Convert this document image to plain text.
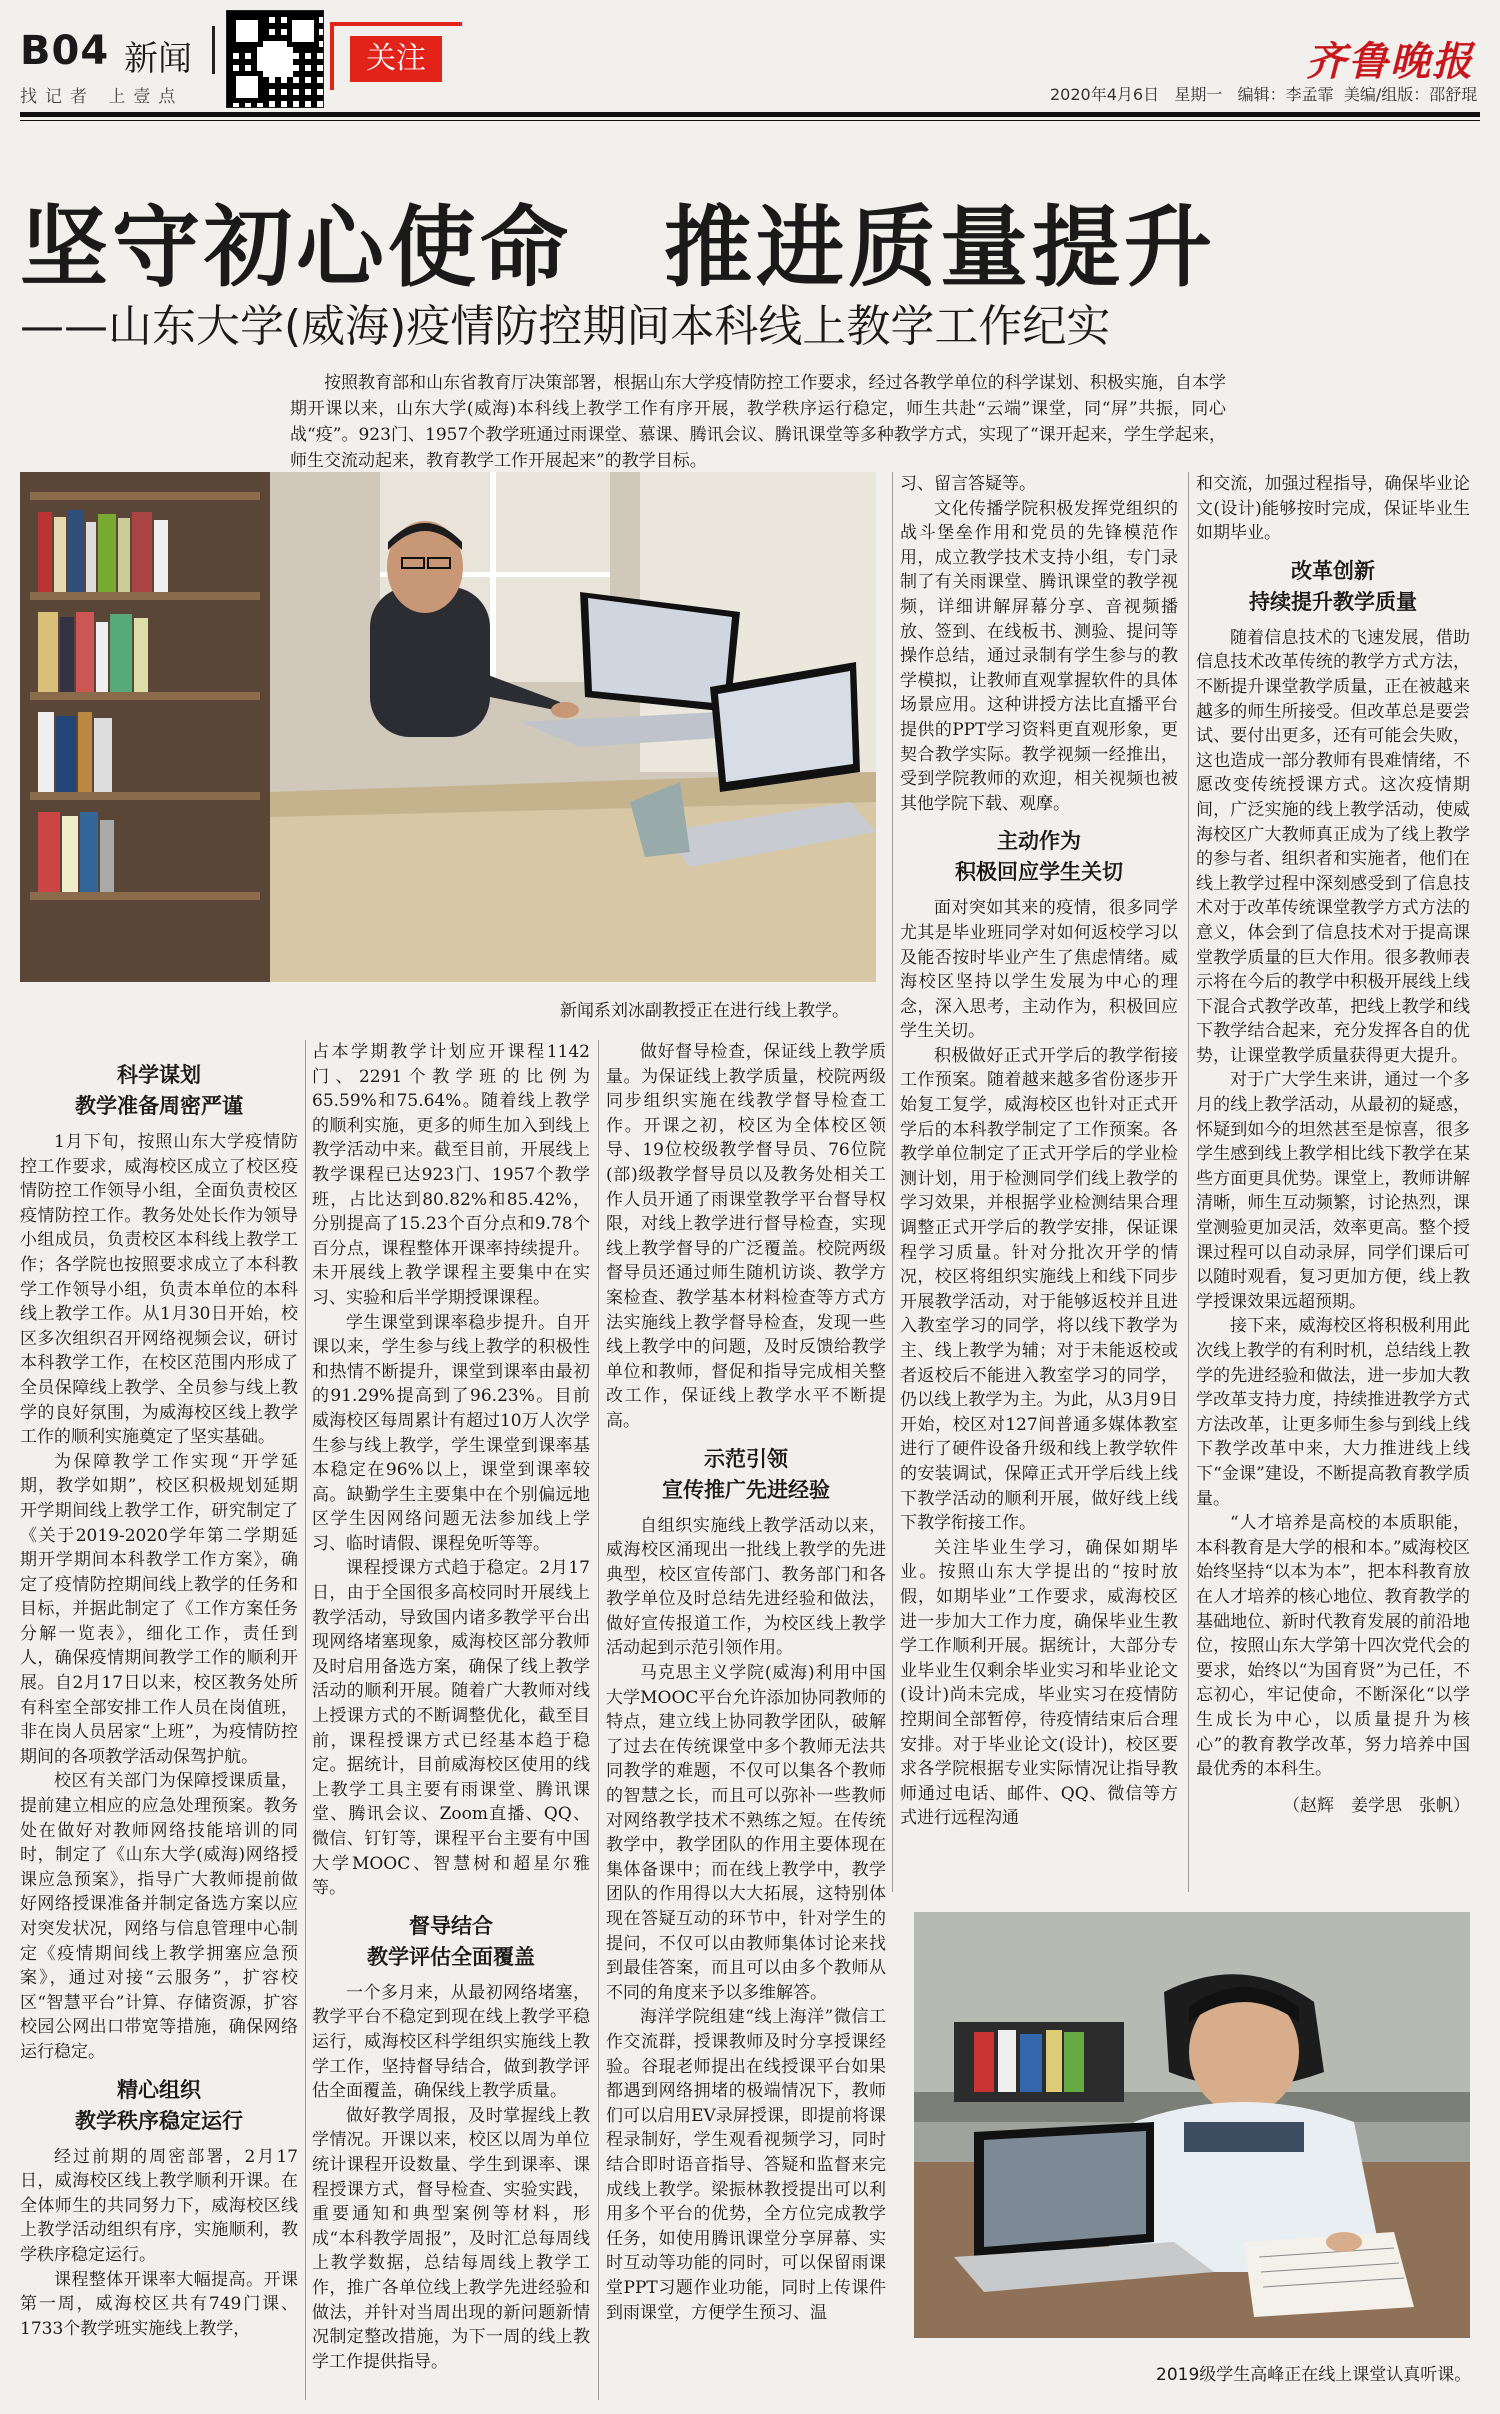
B04 新闻
找记者 上壹点
关注	齐鲁晚报
2020年4月6日 星期一 编辑：李孟霏 美编/组版：邵舒琨
坚守初心使命　推进质量提升
——山东大学(威海)疫情防控期间本科线上教学工作纪实
按照教育部和山东省教育厅决策部署，根据山东大学疫情防控工作要求，经过各教学单位的科学谋划、积极实施，自本学期开课以来，山东大学(威海)本科线上教学工作有序开展，教学秩序运行稳定，师生共赴“云端”课堂，同“屏”共振，同心战“疫”。923门、1957个教学班通过雨课堂、慕课、腾讯会议、腾讯课堂等多种教学方式，实现了“课开起来，学生学起来，师生交流动起来，教育教学工作开展起来”的教学目标。
新闻系刘冰副教授正在进行线上教学。

科学谋划

教学准备周密严谨

1月下旬，按照山东大学疫情防控工作要求，威海校区成立了校区疫情防控工作领导小组，全面负责校区疫情防控工作。教务处处长作为领导小组成员，负责校区本科线上教学工作；各学院也按照要求成立了本科教学工作领导小组，负责本单位的本科线上教学工作。从1月30日开始，校区多次组织召开网络视频会议，研讨本科教学工作，在校区范围内形成了全员保障线上教学、全员参与线上教学的良好氛围，为威海校区线上教学工作的顺利实施奠定了坚实基础。

为保障教学工作实现“开学延期，教学如期”，校区积极规划延期开学期间线上教学工作，研究制定了《关于2019-2020学年第二学期延期开学期间本科教学工作方案》，确定了疫情防控期间线上教学的任务和目标，并据此制定了《工作方案任务分解一览表》，细化工作，责任到人，确保疫情期间教学工作的顺利开展。自2月17日以来，校区教务处所有科室全部安排工作人员在岗值班，非在岗人员居家“上班”，为疫情防控期间的各项教学活动保驾护航。

校区有关部门为保障授课质量，提前建立相应的应急处理预案。教务处在做好对教师网络技能培训的同时，制定了《山东大学(威海)网络授课应急预案》，指导广大教师提前做好网络授课准备并制定备选方案以应对突发状况，网络与信息管理中心制定《疫情期间线上教学拥塞应急预案》，通过对接“云服务”，扩容校区“智慧平台”计算、存储资源，扩容校园公网出口带宽等措施，确保网络运行稳定。

精心组织

教学秩序稳定运行

经过前期的周密部署，2月17日，威海校区线上教学顺利开课。在全体师生的共同努力下，威海校区线上教学活动组织有序，实施顺利，教学秩序稳定运行。

课程整体开课率大幅提高。开课第一周，威海校区共有749门课、1733个教学班实施线上教学，

占本学期教学计划应开课程1142门、2291个教学班的比例为65.59%和75.64%。随着线上教学的顺利实施，更多的师生加入到线上教学活动中来。截至目前，开展线上教学课程已达923门、1957个教学班，占比达到80.82%和85.42%，分别提高了15.23个百分点和9.78个百分点，课程整体开课率持续提升。未开展线上教学课程主要集中在实习、实验和后半学期授课课程。

学生课堂到课率稳步提升。自开课以来，学生参与线上教学的积极性和热情不断提升，课堂到课率由最初的91.29%提高到了96.23%。目前威海校区每周累计有超过10万人次学生参与线上教学，学生课堂到课率基本稳定在96%以上，课堂到课率较高。缺勤学生主要集中在个别偏远地区学生因网络问题无法参加线上学习、临时请假、课程免听等等。

课程授课方式趋于稳定。2月17日，由于全国很多高校同时开展线上教学活动，导致国内诸多教学平台出现网络堵塞现象，威海校区部分教师及时启用备选方案，确保了线上教学活动的顺利开展。随着广大教师对线上授课方式的不断调整优化，截至目前，课程授课方式已经基本趋于稳定。据统计，目前威海校区使用的线上教学工具主要有雨课堂、腾讯课堂、腾讯会议、Zoom直播、QQ、微信、钉钉等，课程平台主要有中国大学MOOC、智慧树和超星尔雅等。

督导结合

教学评估全面覆盖

一个多月来，从最初网络堵塞，教学平台不稳定到现在线上教学平稳运行，威海校区科学组织实施线上教学工作，坚持督导结合，做到教学评估全面覆盖，确保线上教学质量。

做好教学周报，及时掌握线上教学情况。开课以来，校区以周为单位统计课程开设数量、学生到课率、课程授课方式，督导检查、实验实践，重要通知和典型案例等材料，形成“本科教学周报”，及时汇总每周线上教学数据，总结每周线上教学工作，推广各单位线上教学先进经验和做法，并针对当周出现的新问题新情况制定整改措施，为下一周的线上教学工作提供指导。

做好督导检查，保证线上教学质量。为保证线上教学质量，校院两级同步组织实施在线教学督导检查工作。开课之初，校区为全体校区领导、19位校级教学督导员、76位院(部)级教学督导员以及教务处相关工作人员开通了雨课堂教学平台督导权限，对线上教学进行督导检查，实现线上教学督导的广泛覆盖。校院两级督导员还通过师生随机访谈、教学方案检查、教学基本材料检查等方式方法实施线上教学督导检查，发现一些线上教学中的问题，及时反馈给教学单位和教师，督促和指导完成相关整改工作，保证线上教学水平不断提高。

示范引领

宣传推广先进经验

自组织实施线上教学活动以来，威海校区涌现出一批线上教学的先进典型，校区宣传部门、教务部门和各教学单位及时总结先进经验和做法，做好宣传报道工作，为校区线上教学活动起到示范引领作用。

马克思主义学院(威海)利用中国大学MOOC平台允许添加协同教师的特点，建立线上协同教学团队，破解了过去在传统课堂中多个教师无法共同教学的难题，不仅可以集各个教师的智慧之长，而且可以弥补一些教师对网络教学技术不熟练之短。在传统教学中，教学团队的作用主要体现在集体备课中；而在线上教学中，教学团队的作用得以大大拓展，这特别体现在答疑互动的环节中，针对学生的提问，不仅可以由教师集体讨论来找到最佳答案，而且可以由多个教师从不同的角度来予以多维解答。

海洋学院组建“线上海洋”微信工作交流群，授课教师及时分享授课经验。谷琨老师提出在线授课平台如果都遇到网络拥堵的极端情况下，教师们可以启用EV录屏授课，即提前将课程录制好，学生观看视频学习，同时结合即时语音指导、答疑和监督来完成线上教学。梁振林教授提出可以利用多个平台的优势，全方位完成教学任务，如使用腾讯课堂分享屏幕、实时互动等功能的同时，可以保留雨课堂PPT习题作业功能，同时上传课件到雨课堂，方便学生预习、温

习、留言答疑等。

文化传播学院积极发挥党组织的战斗堡垒作用和党员的先锋模范作用，成立教学技术支持小组，专门录制了有关雨课堂、腾讯课堂的教学视频，详细讲解屏幕分享、音视频播放、签到、在线板书、测验、提问等操作总结，通过录制有学生参与的教学模拟，让教师直观掌握软件的具体场景应用。这种讲授方法比直播平台提供的PPT学习资料更直观形象，更契合教学实际。教学视频一经推出，受到学院教师的欢迎，相关视频也被其他学院下载、观摩。

主动作为

积极回应学生关切

面对突如其来的疫情，很多同学尤其是毕业班同学对如何返校学习以及能否按时毕业产生了焦虑情绪。威海校区坚持以学生发展为中心的理念，深入思考，主动作为，积极回应学生关切。

积极做好正式开学后的教学衔接工作预案。随着越来越多省份逐步开始复工复学，威海校区也针对正式开学后的本科教学制定了工作预案。各教学单位制定了正式开学后的学业检测计划，用于检测同学们线上教学的学习效果，并根据学业检测结果合理调整正式开学后的教学安排，保证课程学习质量。针对分批次开学的情况，校区将组织实施线上和线下同步开展教学活动，对于能够返校并且进入教室学习的同学，将以线下教学为主、线上教学为辅；对于未能返校或者返校后不能进入教室学习的同学，仍以线上教学为主。为此，从3月9日开始，校区对127间普通多媒体教室进行了硬件设备升级和线上教学软件的安装调试，保障正式开学后线上线下教学活动的顺利开展，做好线上线下教学衔接工作。

关注毕业生学习，确保如期毕业。按照山东大学提出的“按时放假，如期毕业”工作要求，威海校区进一步加大工作力度，确保毕业生教学工作顺利开展。据统计，大部分专业毕业生仅剩余毕业实习和毕业论文(设计)尚未完成，毕业实习在疫情防控期间全部暂停，待疫情结束后合理安排。对于毕业论文(设计)，校区要求各学院根据专业实际情况让指导教师通过电话、邮件、QQ、微信等方式进行远程沟通

和交流，加强过程指导，确保毕业论文(设计)能够按时完成，保证毕业生如期毕业。

改革创新

持续提升教学质量

随着信息技术的飞速发展，借助信息技术改革传统的教学方式方法，不断提升课堂教学质量，正在被越来越多的师生所接受。但改革总是要尝试、要付出更多，还有可能会失败，这也造成一部分教师有畏难情绪，不愿改变传统授课方式。这次疫情期间，广泛实施的线上教学活动，使威海校区广大教师真正成为了线上教学的参与者、组织者和实施者，他们在线上教学过程中深刻感受到了信息技术对于改革传统课堂教学方式方法的意义，体会到了信息技术对于提高课堂教学质量的巨大作用。很多教师表示将在今后的教学中积极开展线上线下混合式教学改革，把线上教学和线下教学结合起来，充分发挥各自的优势，让课堂教学质量获得更大提升。

对于广大学生来讲，通过一个多月的线上教学活动，从最初的疑惑，怀疑到如今的坦然甚至是惊喜，很多学生感到线上教学相比线下教学在某些方面更具优势。课堂上，教师讲解清晰，师生互动频繁，讨论热烈，课堂测验更加灵活，效率更高。整个授课过程可以自动录屏，同学们课后可以随时观看，复习更加方便，线上教学授课效果远超预期。

接下来，威海校区将积极利用此次线上教学的有利时机，总结线上教学的先进经验和做法，进一步加大教学改革支持力度，持续推进教学方式方法改革，让更多师生参与到线上线下教学改革中来，大力推进线上线下“金课”建设，不断提高教育教学质量。

“人才培养是高校的本质职能，本科教育是大学的根和本。”威海校区始终坚持“以本为本”，把本科教育放在人才培养的核心地位、教育教学的基础地位、新时代教育发展的前沿地位，按照山东大学第十四次党代会的要求，始终以“为国育贤”为己任，不忘初心，牢记使命，不断深化“以学生成长为中心，以质量提升为核心”的教育教学改革，努力培养中国最优秀的本科生。

（赵辉　姜学思　张帆）

2019级学生高峰正在线上课堂认真听课。
